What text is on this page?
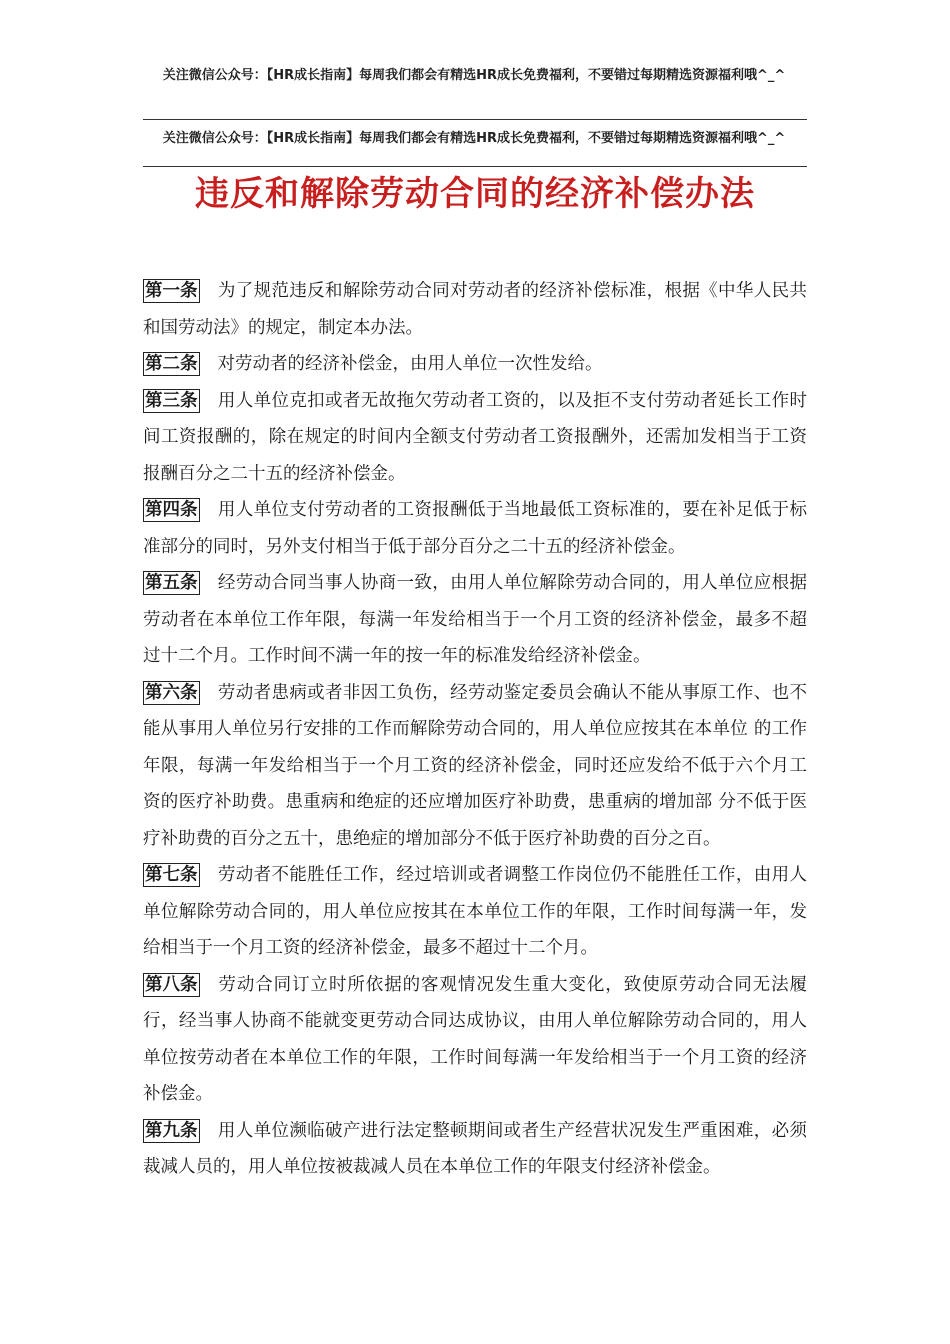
关注微信公众号：【HR成长指南】每周我们都会有精选HR成长免费福利，不要错过每期精选资源福利哦^_^
关注微信公众号：【HR成长指南】每周我们都会有精选HR成长免费福利，不要错过每期精选资源福利哦^_^
违反和解除劳动合同的经济补偿办法

第一条 为了规范违反和解除劳动合同对劳动者的经济补偿标准，根据《中华人民共和国劳动法》的规定，制定本办法。

第二条 对劳动者的经济补偿金，由用人单位一次性发给。

第三条 用人单位克扣或者无故拖欠劳动者工资的，以及拒不支付劳动者延长工作时间工资报酬的，除在规定的时间内全额支付劳动者工资报酬外，还需加发相当于工资报酬百分之二十五的经济补偿金。

第四条 用人单位支付劳动者的工资报酬低于当地最低工资标准的，要在补足低于标准部分的同时，另外支付相当于低于部分百分之二十五的经济补偿金。

第五条 经劳动合同当事人协商一致，由用人单位解除劳动合同的，用人单位应根据劳动者在本单位工作年限，每满一年发给相当于一个月工资的经济补偿金，最多不超过十二个月。工作时间不满一年的按一年的标准发给经济补偿金。

第六条 劳动者患病或者非因工负伤，经劳动鉴定委员会确认不能从事原工作、也不能从事用人单位另行安排的工作而解除劳动合同的，用人单位应按其在本单位 的工作年限，每满一年发给相当于一个月工资的经济补偿金，同时还应发给不低于六个月工资的医疗补助费。患重病和绝症的还应增加医疗补助费，患重病的增加部 分不低于医疗补助费的百分之五十，患绝症的增加部分不低于医疗补助费的百分之百。

第七条 劳动者不能胜任工作，经过培训或者调整工作岗位仍不能胜任工作，由用人单位解除劳动合同的，用人单位应按其在本单位工作的年限，工作时间每满一年，发给相当于一个月工资的经济补偿金，最多不超过十二个月。

第八条 劳动合同订立时所依据的客观情况发生重大变化，致使原劳动合同无法履行，经当事人协商不能就变更劳动合同达成协议，由用人单位解除劳动合同的，用人单位按劳动者在本单位工作的年限，工作时间每满一年发给相当于一个月工资的经济补偿金。

第九条 用人单位濒临破产进行法定整顿期间或者生产经营状况发生严重困难，必须裁减人员的，用人单位按被裁减人员在本单位工作的年限支付经济补偿金。
